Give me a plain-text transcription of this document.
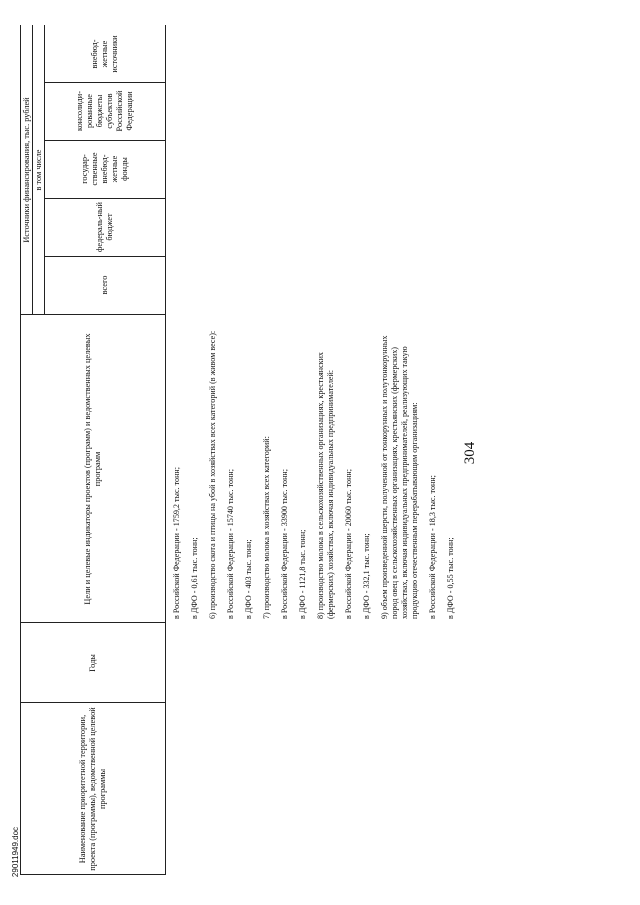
304
29011949.doc	Наименование приоритетной территории, проекта (программы), ведомственной целевой программы
Годы
Цели и целевые индикаторы проектов (программ) и ведомственных целевых программ
Источники финансирования, тыс. рублей в том числе
всего
федераль-ный бюджет
государ-ственные внебюд-жетные фонды
консолиди-рованные бюджеты субъектов Российской Федерации
внебюд-жетные источники
в Российской Федерации - 1759,2 тыс. тонн; в ДФО - 0,61 тыс. тонн; 6) производство скота и птицы на убой в хозяйствах всех категорий (в живом весе): в Российской Федерации - 15740 тыс. тонн; в ДФО - 403 тыс. тонн; 7) производство молока в хозяйствах всех категорий: в Российской Федерации - 33900 тыс. тонн; в ДФО - 1121,8 тыс. тонн; 8) производство молока в сельскохозяйственных организациях, крестьянских (фермерских) хозяйствах, включая индивидуальных предпринимателей: в Российской Федерации - 20060 тыс. тонн; в ДФО - 332,1 тыс. тонн; 9) объем произведенной шерсти, полученной от тонкорунных и полутонкорунных пород овец в сельскохозяйственных организациях, крестьянских (фермерских) хозяйствах, включая индивидуальных предпринимателей, реализующих такую продукцию отечественным перерабатывающим организациям: в Российской Федерации - 18,3 тыс. тонн; в ДФО - 0,55 тыс. тонн;
